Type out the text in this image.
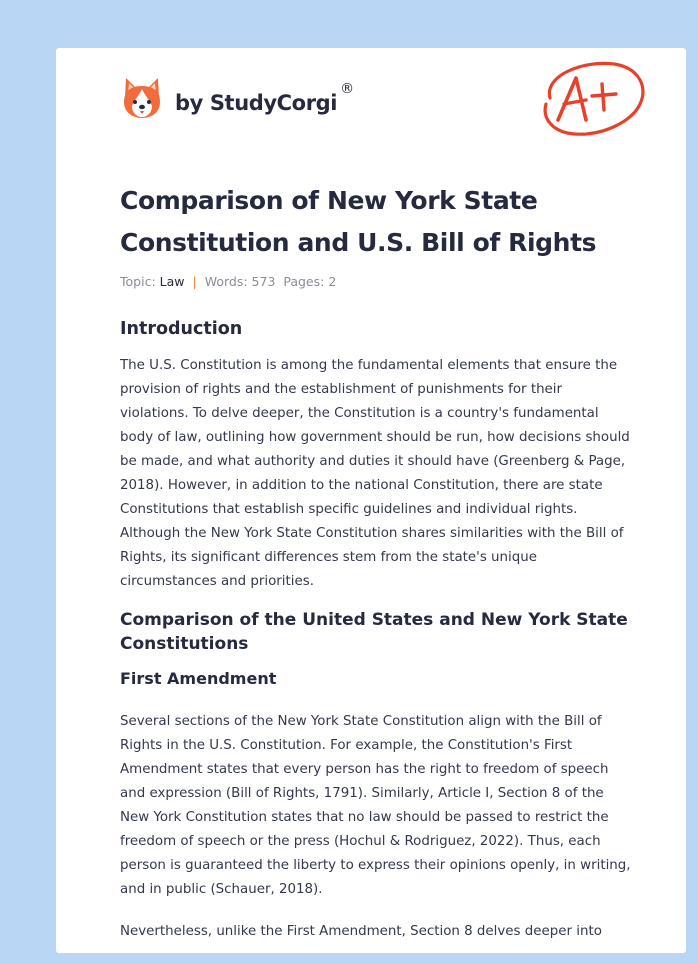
by StudyCorgi®
Comparison of New York State Constitution and U.S. Bill of Rights
Topic: Law | Words: 573 Pages: 2
Introduction

The U.S. Constitution is among the fundamental elements that ensure the provision of rights and the establishment of punishments for their violations. To delve deeper, the Constitution is a country's fundamental body of law, outlining how government should be run, how decisions should be made, and what authority and duties it should have (Greenberg & Page, 2018). However, in addition to the national Constitution, there are state Constitutions that establish specific guidelines and individual rights. Although the New York State Constitution shares similarities with the Bill of Rights, its significant differences stem from the state's unique circumstances and priorities.

Comparison of the United States and New York State Constitutions
First Amendment

Several sections of the New York State Constitution align with the Bill of Rights in the U.S. Constitution. For example, the Constitution's First Amendment states that every person has the right to freedom of speech and expression (Bill of Rights, 1791). Similarly, Article I, Section 8 of the New York Constitution states that no law should be passed to restrict the freedom of speech or the press (Hochul & Rodriguez, 2022). Thus, each person is guaranteed the liberty to express their opinions openly, in writing, and in public (Schauer, 2018).

Nevertheless, unlike the First Amendment, Section 8 delves deeper into
